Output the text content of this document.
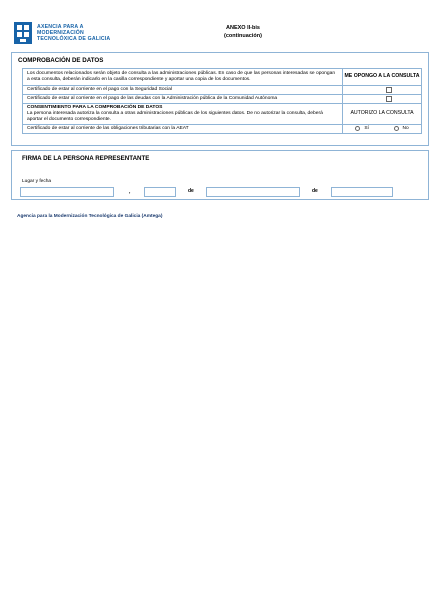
AXENCIA PARA A
MODERNIZACIÓN
TECNOLÓXICA DE GALICIA
ANEXO II-bis
(continuación)
COMPROBACIÓN DE DATOS
Los documentos relacionados serán objeto de consulta a las administraciones públicas. En caso de que las personas interesadas se opongan a esta consulta, deberán indicarlo en la casilla correspondiente y aportar una copia de los documentos.
ME OPONGO A LA CONSULTA
Certificado de estar al corriente en el pago con la Seguridad Social
Certificado de estar al corriente en el pago de las deudas con la Administración pública de la Comunidad Autónoma
CONSENTIMIENTO PARA LA COMPROBACIÓN DE DATOS
La persona interesada autoriza la consulta a otras administraciones públicas de los siguientes datos. De no autorizar la consulta, deberá aportar el documento correspondiente.
AUTORIZO LA CONSULTA
Certificado de estar al corriente de las obligaciones tributarias con la AEAT	Sí	No
FIRMA DE LA PERSONA REPRESENTANTE
Lugar y fecha
,	de	de
Agencia para la Modernización Tecnológica de Galicia (Amtega)
